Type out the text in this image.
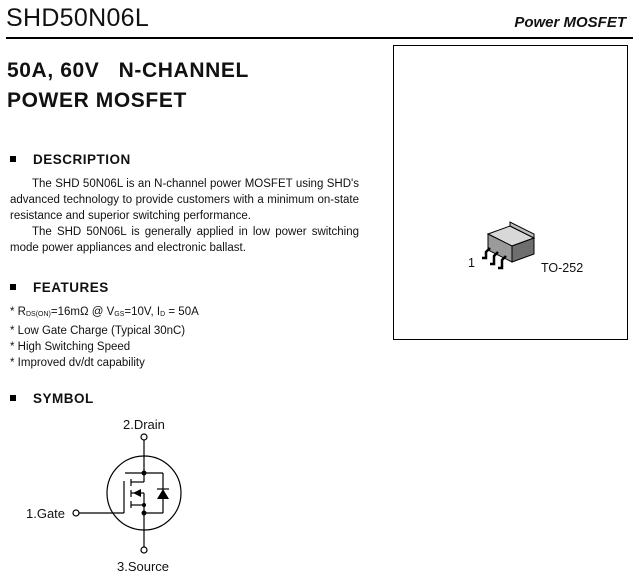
SHD50N06L	Power MOSFET
50A, 60V   N-CHANNEL
POWER MOSFET
DESCRIPTION
The SHD 50N06L is an N-channel power MOSFET using SHD's advanced technology to provide customers with a minimum on-state resistance and superior switching performance.
The SHD 50N06L is generally applied in low power switching mode power appliances and electronic ballast.
FEATURES
* $R_{DS(ON)}=16m\Omega$ @ $V_{GS}=10V$, $I_D = 50A$
* Low Gate Charge (Typical 30nC)
* High Switching Speed
* Improved dv/dt capability
SYMBOL
1	TO-252
2.Drain
1.Gate
3.Source
